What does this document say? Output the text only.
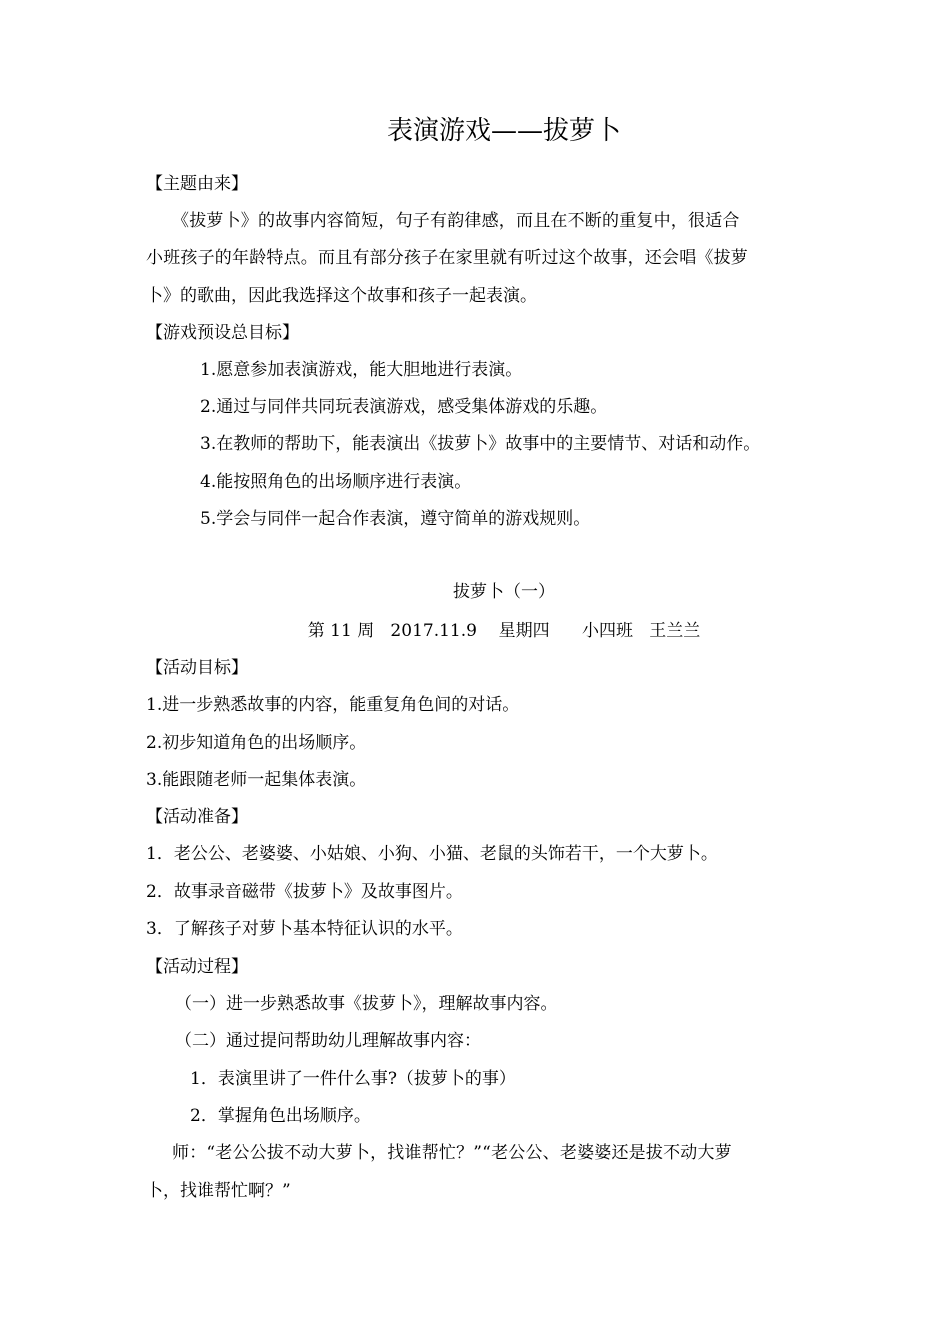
表演游戏——拔萝卜
【主题由来】
《拔萝卜》的故事内容简短，句子有韵律感，而且在不断的重复中，很适合
小班孩子的年龄特点。而且有部分孩子在家里就有听过这个故事，还会唱《拔萝
卜》的歌曲，因此我选择这个故事和孩子一起表演。
【游戏预设总目标】
1.愿意参加表演游戏，能大胆地进行表演。
2.通过与同伴共同玩表演游戏，感受集体游戏的乐趣。
3.在教师的帮助下，能表演出《拔萝卜》故事中的主要情节、对话和动作。
4.能按照角色的出场顺序进行表演。
5.学会与同伴一起合作表演，遵守简单的游戏规则。
拔萝卜（一）
第 11 周   2017.11.9    星期四      小四班   王兰兰
【活动目标】
1.进一步熟悉故事的内容，能重复角色间的对话。
2.初步知道角色的出场顺序。
3.能跟随老师一起集体表演。
【活动准备】
1．老公公、老婆婆、小姑娘、小狗、小猫、老鼠的头饰若干，一个大萝卜。
2．故事录音磁带《拔萝卜》及故事图片。
3．了解孩子对萝卜基本特征认识的水平。
【活动过程】
（一）进一步熟悉故事《拔萝卜》，理解故事内容。
（二）通过提问帮助幼儿理解故事内容：
1．表演里讲了一件什么事?（拔萝卜的事）
2．掌握角色出场顺序。
师：“老公公拔不动大萝卜，找谁帮忙？”“老公公、老婆婆还是拔不动大萝
卜，找谁帮忙啊？”
